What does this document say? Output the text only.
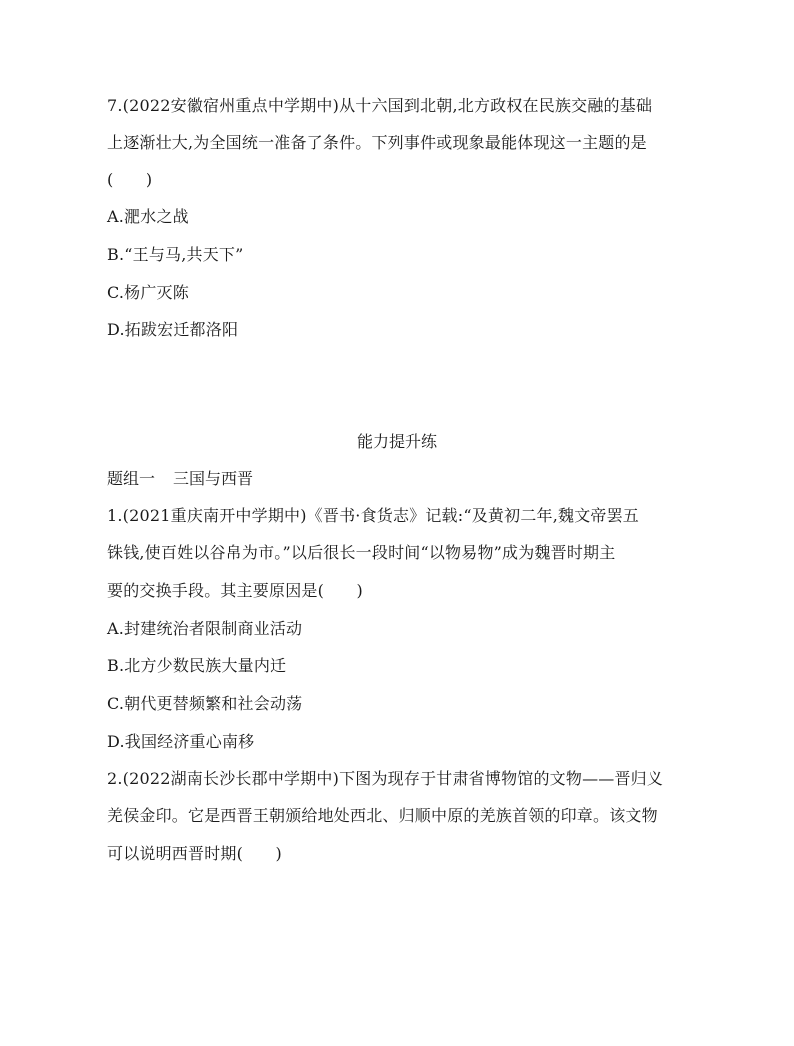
7.(2022安徽宿州重点中学期中)从十六国到北朝,北方政权在民族交融的基础
上逐渐壮大,为全国统一准备了条件。下列事件或现象最能体现这一主题的是
(　　)
A.淝水之战
B.“王与马,共天下”
C.杨广灭陈
D.拓跋宏迁都洛阳
能力提升练
题组一 三国与西晋
1.(2021重庆南开中学期中)《晋书·食货志》记载:“及黄初二年,魏文帝罢五
铢钱,使百姓以谷帛为市。”以后很长一段时间“以物易物”成为魏晋时期主
要的交换手段。其主要原因是(　　)
A.封建统治者限制商业活动
B.北方少数民族大量内迁
C.朝代更替频繁和社会动荡
D.我国经济重心南移
2.(2022湖南长沙长郡中学期中)下图为现存于甘肃省博物馆的文物——晋归义
羌侯金印。它是西晋王朝颁给地处西北、归顺中原的羌族首领的印章。该文物
可以说明西晋时期(　　)
